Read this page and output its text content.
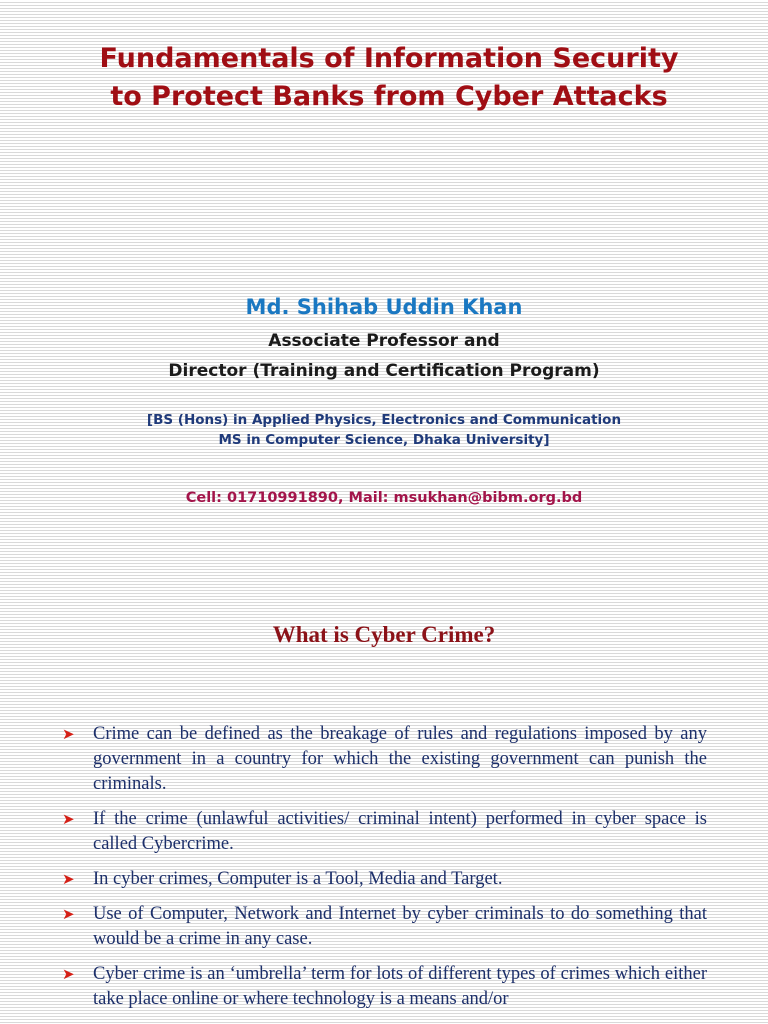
Fundamentals of Information Security
to Protect Banks from Cyber Attacks

Md. Shihab Uddin Khan

Associate Professor and

Director (Training and Certification Program)

[BS (Hons) in Applied Physics, Electronics and Communication

MS in Computer Science, Dhaka University]

Cell: 01710991890, Mail: msukhan@bibm.org.bd

What is Cyber Crime?
➤ Crime can be defined as the breakage of rules and regulations imposed by any government in a country for which the existing government can punish the criminals.
➤ If the crime (unlawful activities/ criminal intent) performed in cyber space is called Cybercrime.
➤ In cyber crimes, Computer is a Tool, Media and Target.
➤ Use of Computer, Network and Internet by cyber criminals to do something that would be a crime in any case.
➤ Cyber crime is an ‘umbrella’ term for lots of different types of crimes which either take place online or where technology is a means and/or
